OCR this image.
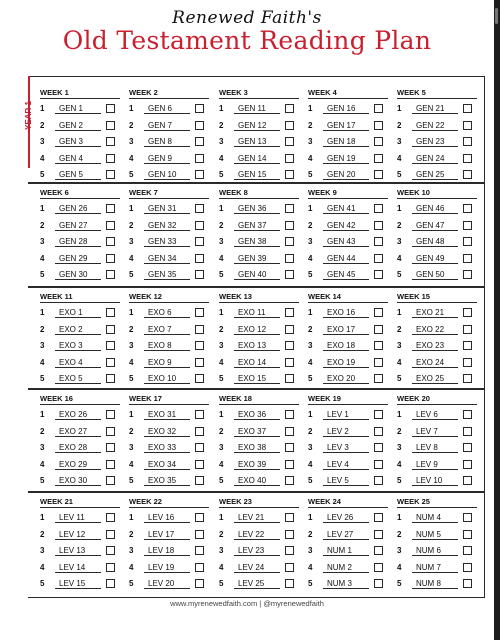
Renewed Faith's
Old Testament Reading Plan
YEAR 1
WEEK 1
1	GEN 1
2	GEN 2
3	GEN 3
4	GEN 4
5	GEN 5
WEEK 2
1	GEN 6
2	GEN 7
3	GEN 8
4	GEN 9
5	GEN 10
WEEK 3
1	GEN 11
2	GEN 12
3	GEN 13
4	GEN 14
5	GEN 15
WEEK 4
1	GEN 16
2	GEN 17
3	GEN 18
4	GEN 19
5	GEN 20
WEEK 5
1	GEN 21
2	GEN 22
3	GEN 23
4	GEN 24
5	GEN 25
WEEK 6
1	GEN 26
2	GEN 27
3	GEN 28
4	GEN 29
5	GEN 30
WEEK 7
1	GEN 31
2	GEN 32
3	GEN 33
4	GEN 34
5	GEN 35
WEEK 8
1	GEN 36
2	GEN 37
3	GEN 38
4	GEN 39
5	GEN 40
WEEK 9
1	GEN 41
2	GEN 42
3	GEN 43
4	GEN 44
5	GEN 45
WEEK 10
1	GEN 46
2	GEN 47
3	GEN 48
4	GEN 49
5	GEN 50
WEEK 11
1	EXO 1
2	EXO 2
3	EXO 3
4	EXO 4
5	EXO 5
WEEK 12
1	EXO 6
2	EXO 7
3	EXO 8
4	EXO 9
5	EXO 10
WEEK 13
1	EXO 11
2	EXO 12
3	EXO 13
4	EXO 14
5	EXO 15
WEEK 14
1	EXO 16
2	EXO 17
3	EXO 18
4	EXO 19
5	EXO 20
WEEK 15
1	EXO 21
2	EXO 22
3	EXO 23
4	EXO 24
5	EXO 25
WEEK 16
1	EXO 26
2	EXO 27
3	EXO 28
4	EXO 29
5	EXO 30
WEEK 17
1	EXO 31
2	EXO 32
3	EXO 33
4	EXO 34
5	EXO 35
WEEK 18
1	EXO 36
2	EXO 37
3	EXO 38
4	EXO 39
5	EXO 40
WEEK 19
1	LEV 1
2	LEV 2
3	LEV 3
4	LEV 4
5	LEV 5
WEEK 20
1	LEV 6
2	LEV 7
3	LEV 8
4	LEV 9
5	LEV 10
WEEK 21
1	LEV 11
2	LEV 12
3	LEV 13
4	LEV 14
5	LEV 15
WEEK 22
1	LEV 16
2	LEV 17
3	LEV 18
4	LEV 19
5	LEV 20
WEEK 23
1	LEV 21
2	LEV 22
3	LEV 23
4	LEV 24
5	LEV 25
WEEK 24
1	LEV 26
2	LEV 27
3	NUM 1
4	NUM 2
5	NUM 3
WEEK 25
1	NUM 4
2	NUM 5
3	NUM 6
4	NUM 7
5	NUM 8
www.myrenewedfaith.com | @myrenewedfaith
